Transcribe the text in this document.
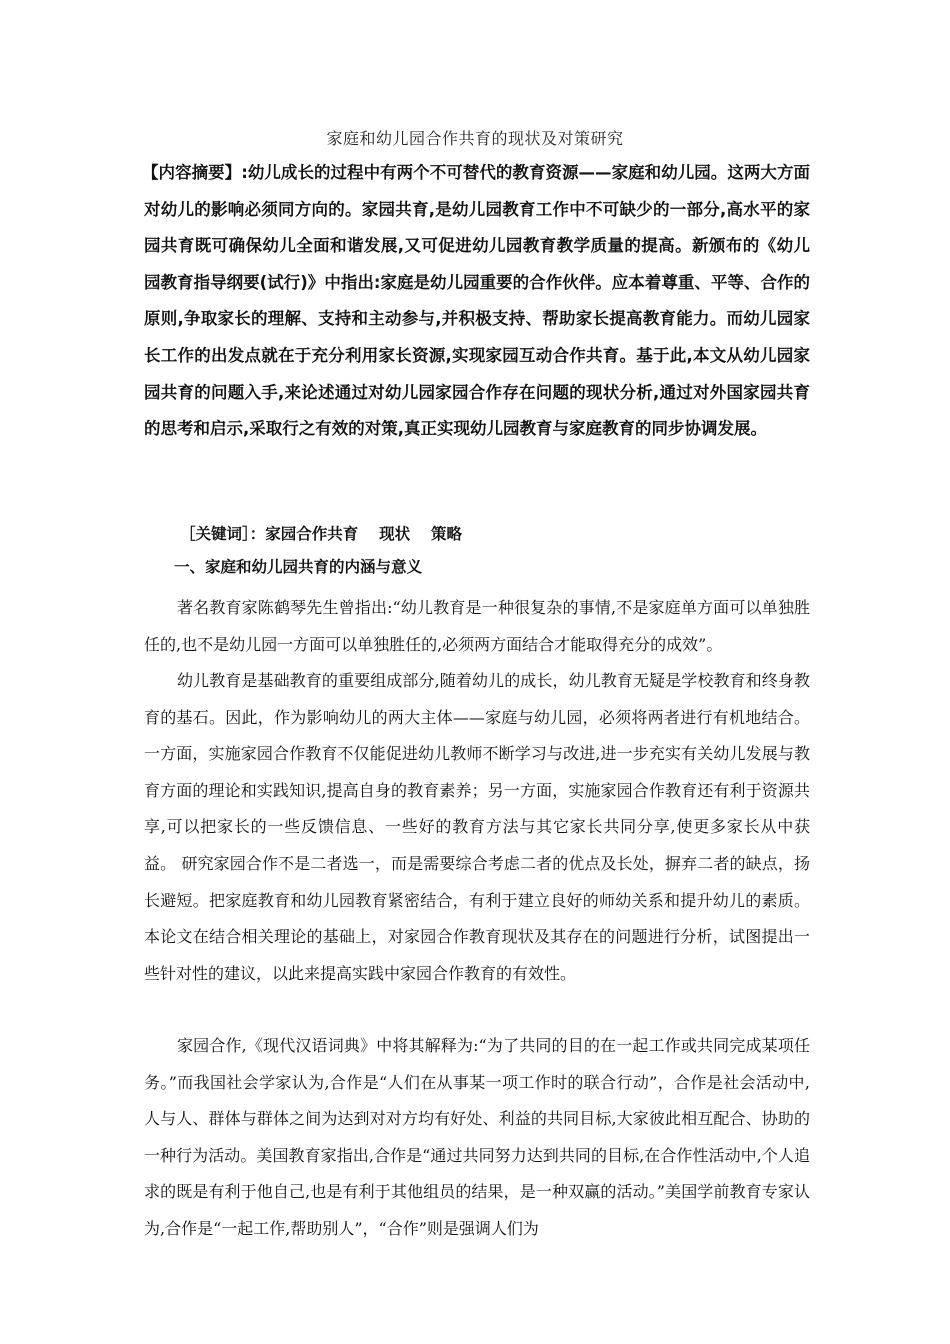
家庭和幼儿园合作共育的现状及对策研究

【内容摘要】:幼儿成长的过程中有两个不可替代的教育资源——家庭和幼儿园。这两大方面对幼儿的影响必须同方向的。家园共育,是幼儿园教育工作中不可缺少的一部分,高水平的家园共育既可确保幼儿全面和谐发展,又可促进幼儿园教育教学质量的提高。新颁布的《幼儿园教育指导纲要(试行)》中指出:家庭是幼儿园重要的合作伙伴。应本着尊重、平等、合作的原则,争取家长的理解、支持和主动参与,并积极支持、帮助家长提高教育能力。而幼儿园家长工作的出发点就在于充分利用家长资源,实现家园互动合作共育。基于此,本文从幼儿园家园共育的问题入手,来论述通过对幼儿园家园合作存在问题的现状分析,通过对外国家园共育的思考和启示,采取行之有效的对策,真正实现幼儿园教育与家庭教育的同步协调发展。

［关键词］：家园合作共育　 现状　 策略
一、家庭和幼儿园共育的内涵与意义

著名教育家陈鹤琴先生曾指出:“幼儿教育是一种很复杂的事情,不是家庭单方面可以单独胜任的,也不是幼儿园一方面可以单独胜任的,必须两方面结合才能取得充分的成效”。

幼儿教育是基础教育的重要组成部分,随着幼儿的成长，幼儿教育无疑是学校教育和终身教育的基石。因此，作为影响幼儿的两大主体——家庭与幼儿园，必须将两者进行有机地结合。一方面，实施家园合作教育不仅能促进幼儿教师不断学习与改进,进一步充实有关幼儿发展与教育方面的理论和实践知识,提高自身的教育素养；另一方面，实施家园合作教育还有利于资源共享,可以把家长的一些反馈信息、一些好的教育方法与其它家长共同分享,使更多家长从中获益。 研究家园合作不是二者选一，而是需要综合考虑二者的优点及长处，摒弃二者的缺点，扬长避短。把家庭教育和幼儿园教育紧密结合，有利于建立良好的师幼关系和提升幼儿的素质。本论文在结合相关理论的基础上，对家园合作教育现状及其存在的问题进行分析，试图提出一些针对性的建议，以此来提高实践中家园合作教育的有效性。

家园合作,《现代汉语词典》中将其解释为:“为了共同的目的在一起工作或共同完成某项任务。”而我国社会学家认为,合作是“人们在从事某一项工作时的联合行动”，合作是社会活动中,人与人、群体与群体之间为达到对对方均有好处、利益的共同目标,大家彼此相互配合、协助的一种行为活动。美国教育家指出,合作是“通过共同努力达到共同的目标,在合作性活动中,个人追求的既是有利于他自己,也是有利于其他组员的结果，是一种双赢的活动。”美国学前教育专家认为,合作是“一起工作,帮助别人”，“合作”则是强调人们为
